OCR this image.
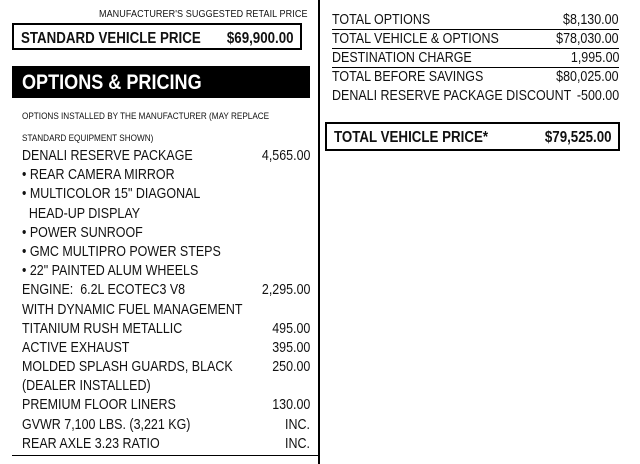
MANUFACTURER'S SUGGESTED RETAIL PRICE
STANDARD VEHICLE PRICE $69,900.00
OPTIONS & PRICING
OPTIONS INSTALLED BY THE MANUFACTURER (MAY REPLACE

STANDARD EQUIPMENT SHOWN)
DENALI RESERVE PACKAGE	4,565.00
• REAR CAMERA MIRROR
• MULTICOLOR 15" DIAGONAL
HEAD-UP DISPLAY
• POWER SUNROOF
• GMC MULTIPRO POWER STEPS
• 22" PAINTED ALUM WHEELS
ENGINE:  6.2L ECOTEC3 V8	2,295.00
WITH DYNAMIC FUEL MANAGEMENT
TITANIUM RUSH METALLIC	495.00
ACTIVE EXHAUST	395.00
MOLDED SPLASH GUARDS, BLACK	250.00
(DEALER INSTALLED)
PREMIUM FLOOR LINERS	130.00
GVWR 7,100 LBS. (3,221 KG)	INC.
REAR AXLE 3.23 RATIO	INC.
TOTAL OPTIONS	$8,130.00
TOTAL VEHICLE & OPTIONS	$78,030.00
DESTINATION CHARGE	1,995.00
TOTAL BEFORE SAVINGS	$80,025.00
DENALI RESERVE PACKAGE DISCOUNT -500.00
TOTAL VEHICLE PRICE*	$79,525.00
